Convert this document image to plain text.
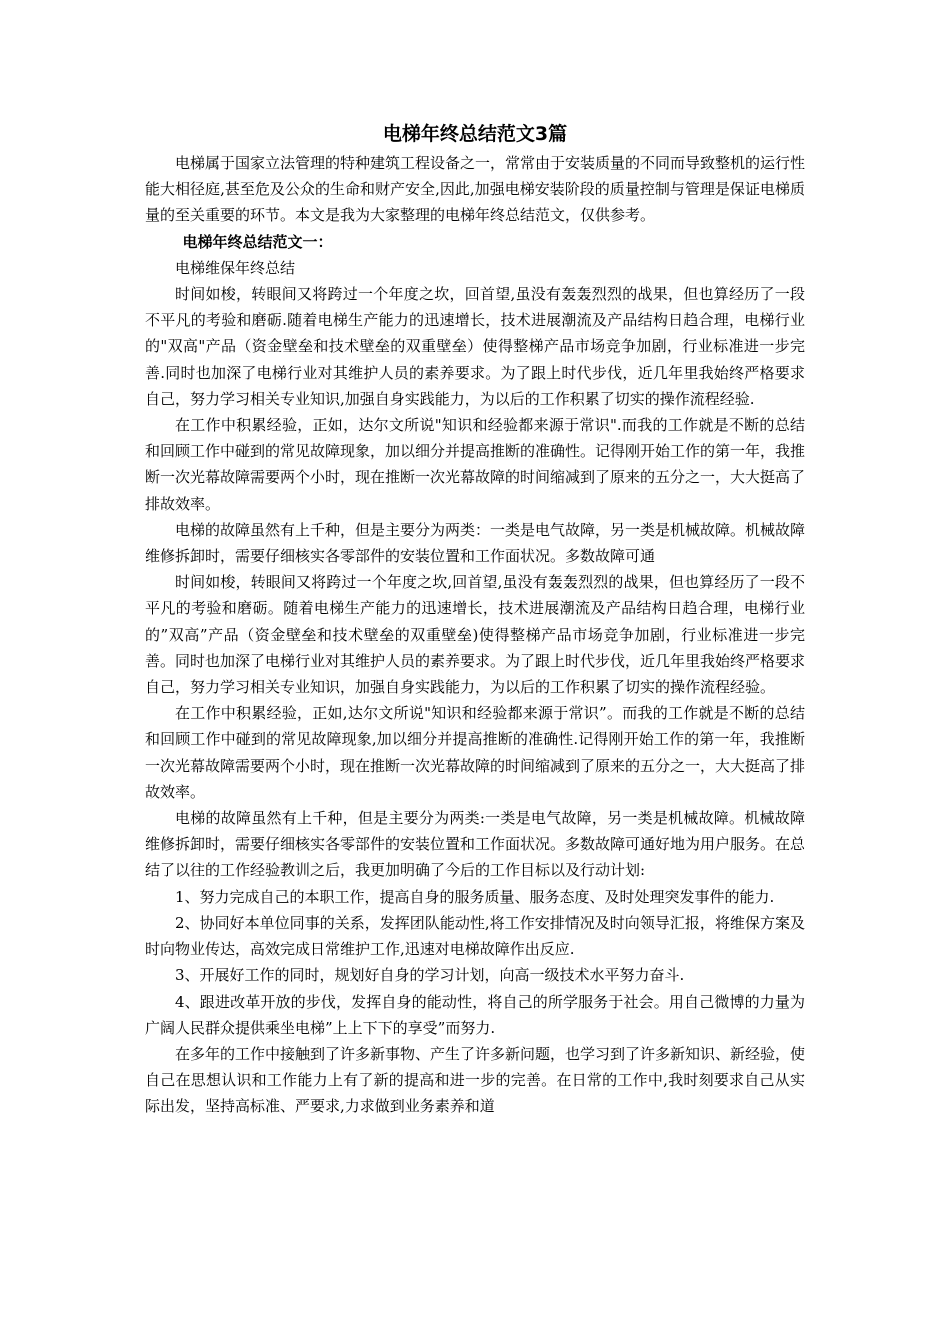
电梯年终总结范文3篇

电梯属于国家立法管理的特种建筑工程设备之一，常常由于安装质量的不同而导致整机的运行性能大相径庭,甚至危及公众的生命和财产安全,因此,加强电梯安装阶段的质量控制与管理是保证电梯质量的至关重要的环节。本文是我为大家整理的电梯年终总结范文，仅供参考。

电梯年终总结范文一：

电梯维保年终总结

时间如梭，转眼间又将跨过一个年度之坎，回首望,虽没有轰轰烈烈的战果，但也算经历了一段不平凡的考验和磨砺.随着电梯生产能力的迅速增长，技术进展潮流及产品结构日趋合理，电梯行业的"双高"产品（资金壁垒和技术壁垒的双重壁垒）使得整梯产品市场竞争加剧，行业标准进一步完善.同时也加深了电梯行业对其维护人员的素养要求。为了跟上时代步伐，近几年里我始终严格要求自己，努力学习相关专业知识,加强自身实践能力，为以后的工作积累了切实的操作流程经验.

在工作中积累经验，正如，达尔文所说"知识和经验都来源于常识".而我的工作就是不断的总结和回顾工作中碰到的常见故障现象，加以细分并提高推断的准确性。记得刚开始工作的第一年，我推断一次光幕故障需要两个小时，现在推断一次光幕故障的时间缩减到了原来的五分之一，大大挺高了排故效率。

电梯的故障虽然有上千种，但是主要分为两类：一类是电气故障，另一类是机械故障。机械故障维修拆卸时，需要仔细核实各零部件的安装位置和工作面状况。多数故障可通

时间如梭，转眼间又将跨过一个年度之坎,回首望,虽没有轰轰烈烈的战果，但也算经历了一段不平凡的考验和磨砺。随着电梯生产能力的迅速增长，技术进展潮流及产品结构日趋合理，电梯行业的”双高”产品（资金壁垒和技术壁垒的双重壁垒)使得整梯产品市场竞争加剧，行业标准进一步完善。同时也加深了电梯行业对其维护人员的素养要求。为了跟上时代步伐，近几年里我始终严格要求自己，努力学习相关专业知识，加强自身实践能力，为以后的工作积累了切实的操作流程经验。

在工作中积累经验，正如,达尔文所说"知识和经验都来源于常识”。而我的工作就是不断的总结和回顾工作中碰到的常见故障现象,加以细分并提高推断的准确性.记得刚开始工作的第一年，我推断一次光幕故障需要两个小时，现在推断一次光幕故障的时间缩减到了原来的五分之一，大大挺高了排故效率。

电梯的故障虽然有上千种，但是主要分为两类:一类是电气故障，另一类是机械故障。机械故障维修拆卸时，需要仔细核实各零部件的安装位置和工作面状况。多数故障可通好地为用户服务。在总结了以往的工作经验教训之后，我更加明确了今后的工作目标以及行动计划:

1、努力完成自己的本职工作，提高自身的服务质量、服务态度、及时处理突发事件的能力.

2、协同好本单位同事的关系，发挥团队能动性,将工作安排情况及时向领导汇报，将维保方案及时向物业传达，高效完成日常维护工作,迅速对电梯故障作出反应.

3、开展好工作的同时，规划好自身的学习计划，向高一级技术水平努力奋斗.

4、跟进改革开放的步伐，发挥自身的能动性，将自己的所学服务于社会。用自己微博的力量为广阔人民群众提供乘坐电梯”上上下下的享受”而努力.

在多年的工作中接触到了许多新事物、产生了许多新问题，也学习到了许多新知识、新经验，使自己在思想认识和工作能力上有了新的提高和进一步的完善。在日常的工作中,我时刻要求自己从实际出发，坚持高标准、严要求,力求做到业务素养和道
